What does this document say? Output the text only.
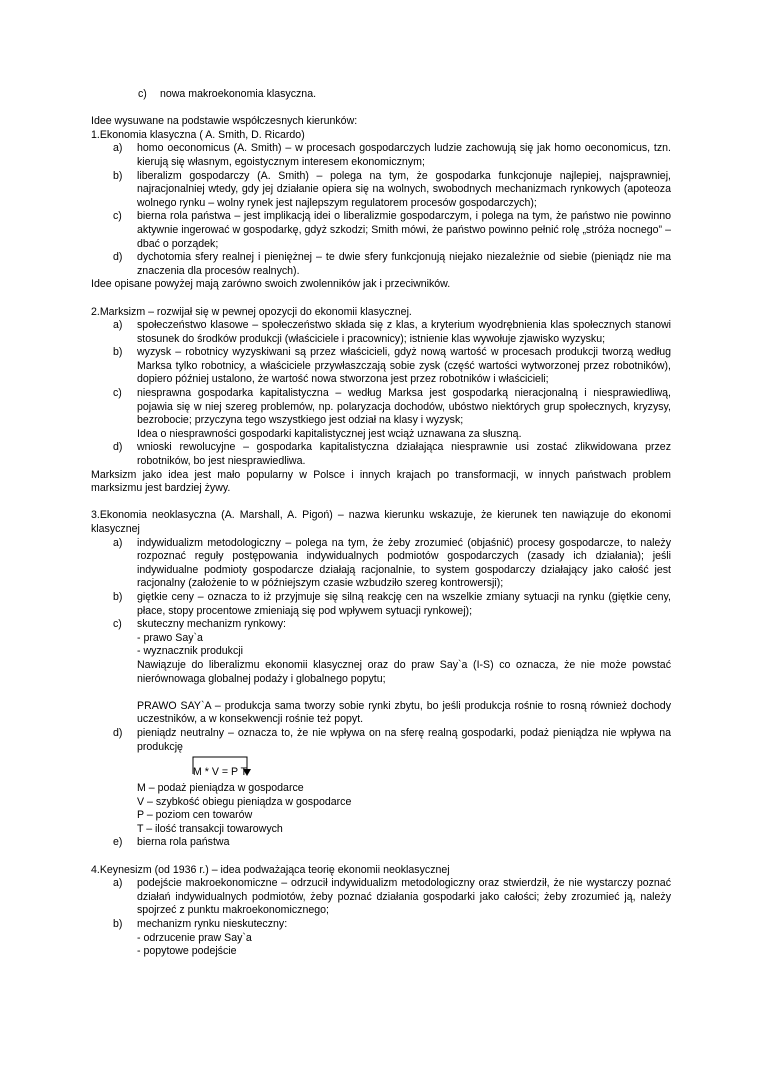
c)	nowa makroekonomia klasyczna.

Idee wysuwane na podstawie współczesnych kierunków:

1.Ekonomia klasyczna ( A. Smith, D. Ricardo)

a)	homo oeconomicus (A. Smith) – w procesach gospodarczych ludzie zachowują się jak homo oeconomicus, tzn. kierują się własnym, egoistycznym interesem ekonomicznym;
b)	liberalizm gospodarczy (A. Smith) – polega na tym, że gospodarka funkcjonuje najlepiej, najsprawniej, najracjonalniej wtedy, gdy jej działanie opiera się na wolnych, swobodnych mechanizmach rynkowych (apoteoza wolnego rynku – wolny rynek jest najlepszym regulatorem procesów gospodarczych);
c)	bierna rola państwa – jest implikacją idei o liberalizmie gospodarczym, i polega na tym, że państwo nie powinno aktywnie ingerować w gospodarkę, gdyż szkodzi; Smith mówi, że państwo powinno pełnić rolę „stróża nocnego” – dbać o porządek;
d)	dychotomia sfery realnej i pieniężnej – te dwie sfery funkcjonują niejako niezależnie od siebie (pieniądz nie ma znaczenia dla procesów realnych).

Idee opisane powyżej mają zarówno swoich zwolenników jak i przeciwników.

2.Marksizm – rozwijał się w pewnej opozycji do ekonomii klasycznej.

a)	społeczeństwo klasowe – społeczeństwo składa się z klas, a kryterium wyodrębnienia klas społecznych stanowi stosunek do środków produkcji (właściciele i pracownicy); istnienie klas wywołuje zjawisko wyzysku;
b)	wyzysk – robotnicy wyzyskiwani są przez właścicieli, gdyż nową wartość w procesach produkcji tworzą według Marksa tylko robotnicy, a właściciele przywłaszczają sobie zysk (część wartości wytworzonej przez robotników), dopiero później ustalono, że wartość nowa stworzona jest przez robotników i właścicieli;
c)	niesprawna gospodarka kapitalistyczna – według Marksa jest gospodarką nieracjonalną i niesprawiedliwą, pojawia się w niej szereg problemów, np. polaryzacja dochodów, ubóstwo niektórych grup społecznych, kryzysy, bezrobocie; przyczyna tego wszystkiego jest odział na klasy i wyzysk;
Idea o niesprawności gospodarki kapitalistycznej jest wciąż uznawana za słuszną.
d)	wnioski rewolucyjne – gospodarka kapitalistyczna działająca niesprawnie usi zostać zlikwidowana przez robotników, bo jest niesprawiedliwa.

Marksizm jako idea jest mało popularny w Polsce i innych krajach po transformacji, w innych państwach problem marksizmu jest bardziej żywy.

3.Ekonomia neoklasyczna (A. Marshall, A. Pigoń) – nazwa kierunku wskazuje, że kierunek ten nawiązuje do ekonomi klasycznej

a)	indywidualizm metodologiczny – polega na tym, że żeby zrozumieć (objaśnić) procesy gospodarcze, to należy rozpoznać reguły postępowania indywidualnych podmiotów gospodarczych (zasady ich działania); jeśli indywidualne podmioty gospodarcze działają racjonalnie, to system gospodarczy działający jako całość jest racjonalny (założenie to w późniejszym czasie wzbudziło szereg kontrowersji);
b)	giętkie ceny – oznacza to iż przyjmuje się silną reakcję cen na wszelkie zmiany sytuacji na rynku (giętkie ceny, płace, stopy procentowe zmieniają się pod wpływem sytuacji rynkowej);
c)	skuteczny mechanizm rynkowy:
- prawo Say`a
- wyznacznik produkcji
Nawiązuje do liberalizmu ekonomii klasycznej oraz do praw Say`a (I-S) co oznacza, że nie może powstać nierównowaga globalnej podaży i globalnego popytu;
PRAWO SAY`A – produkcja sama tworzy sobie rynki zbytu, bo jeśli produkcja rośnie to rosną również dochody uczestników, a w konsekwencji rośnie też popyt.
d)	pieniądz neutralny – oznacza to, że nie wpływa on na sferę realną gospodarki, podaż pieniądza nie wpływa na produkcję
M * V = P T
M – podaż pieniądza w gospodarce
V – szybkość obiegu pieniądza w gospodarce
P – poziom cen towarów
T – ilość transakcji towarowych
e)	bierna rola państwa

4.Keynesizm (od 1936 r.) – idea podważająca teorię ekonomii neoklasycznej

a)	podejście makroekonomiczne – odrzucił indywidualizm metodologiczny oraz stwierdził, że nie wystarczy poznać działań indywidualnych podmiotów, żeby poznać działania gospodarki jako całości; żeby zrozumieć ją, należy spojrzeć z punktu makroekonomicznego;
b)	mechanizm rynku nieskuteczny:
- odrzucenie praw Say`a
- popytowe podejście
